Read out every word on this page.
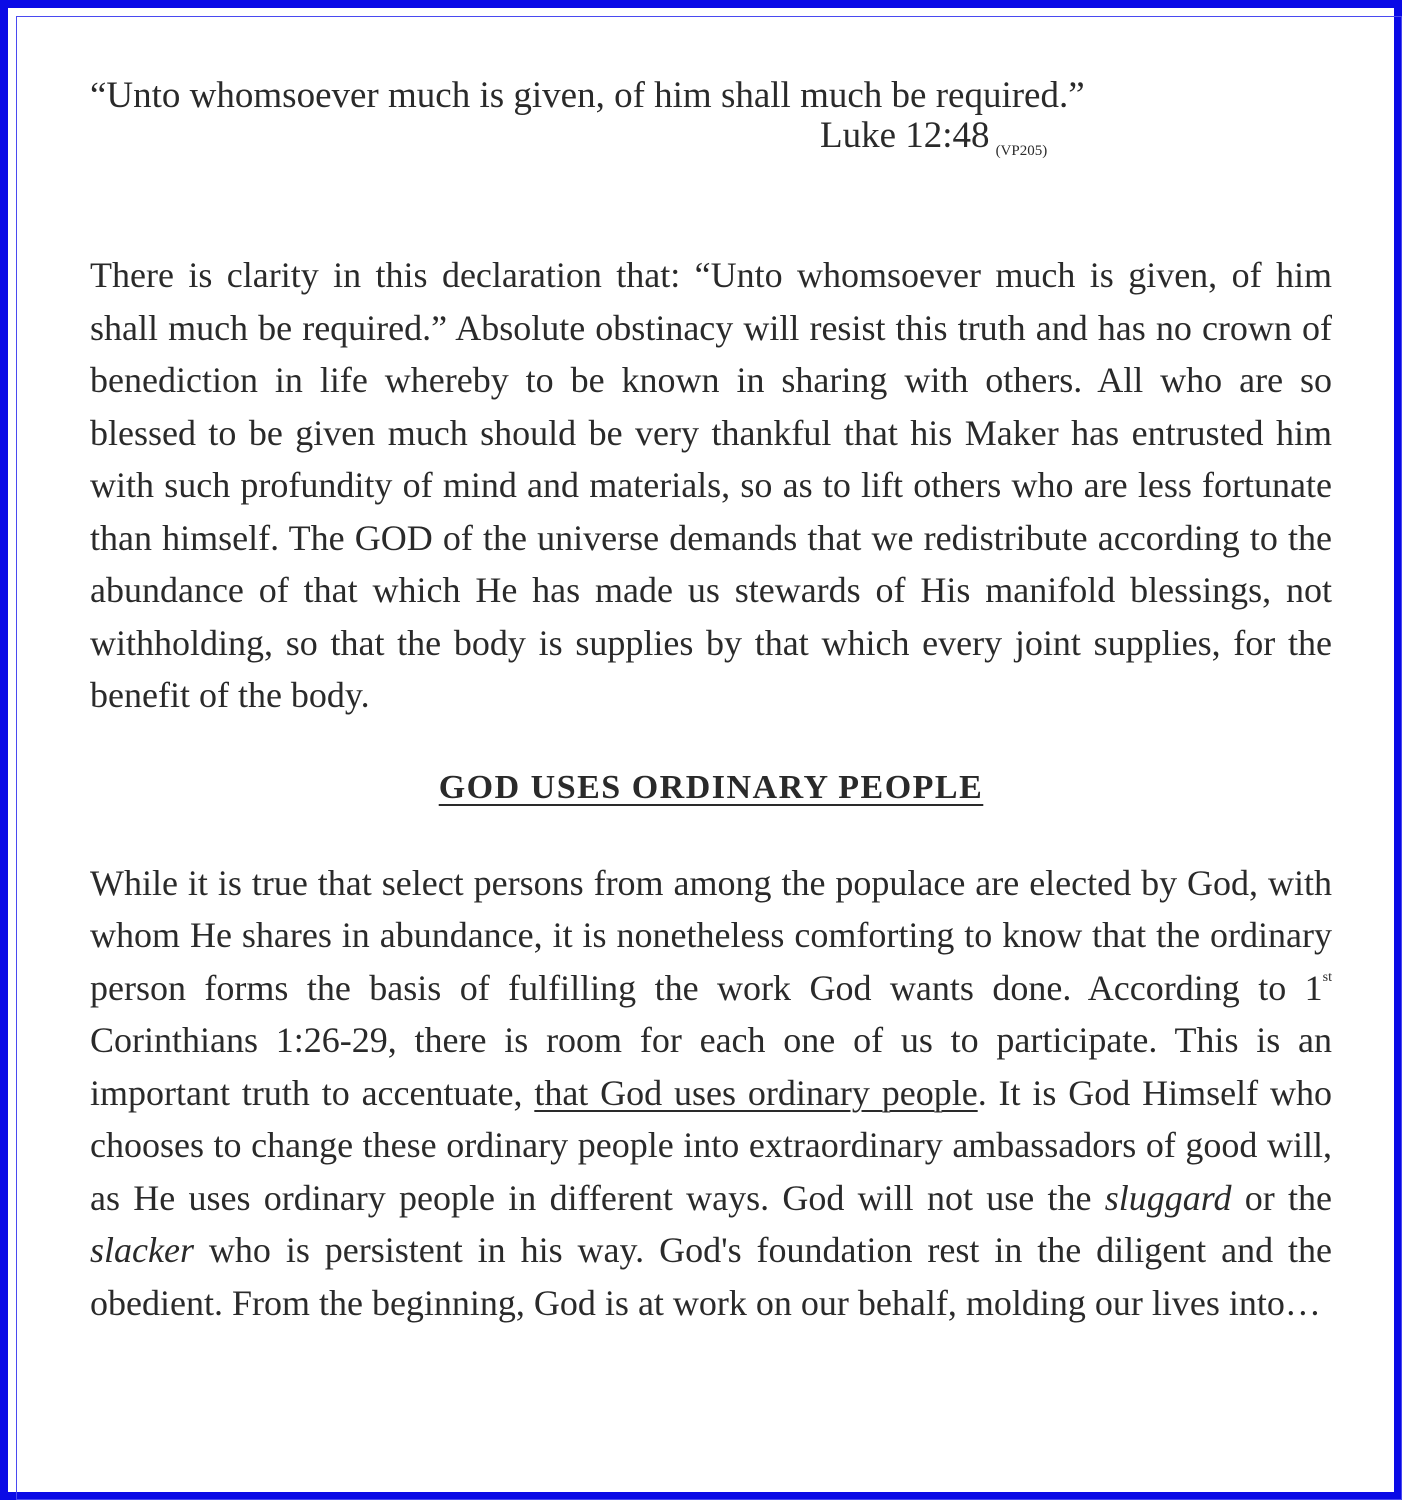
“Unto whomsoever much is given, of him shall much be required.”

Luke 12:48 $_{(VP205)}$

There is clarity in this declaration that: “Unto whomsoever much is given, of him shall much be required.” Absolute obstinacy will resist this truth and has no crown of benediction in life whereby to be known in sharing with others. All who are so blessed to be given much should be very thankful that his Maker has entrusted him with such profundity of mind and materials, so as to lift others who are less fortunate than himself. The GOD of the universe demands that we redistribute according to the abundance of that which He has made us stewards of His manifold blessings, not withholding, so that the body is supplies by that which every joint supplies, for the benefit of the body.

GOD USES ORDINARY PEOPLE

While it is true that select persons from among the populace are elected by God, with whom He shares in abundance, it is nonetheless comforting to know that the ordinary person forms the basis of fulfilling the work God wants done. According to 1st Corinthians 1:26-29, there is room for each one of us to participate. This is an important truth to accentuate, that God uses ordinary people. It is God Himself who chooses to change these ordinary people into extraordinary ambassadors of good will, as He uses ordinary people in different ways. God will not use the sluggard or the slacker who is persistent in his way. God's foundation rest in the diligent and the obedient. From the beginning, God is at work on our behalf, molding our lives into…
